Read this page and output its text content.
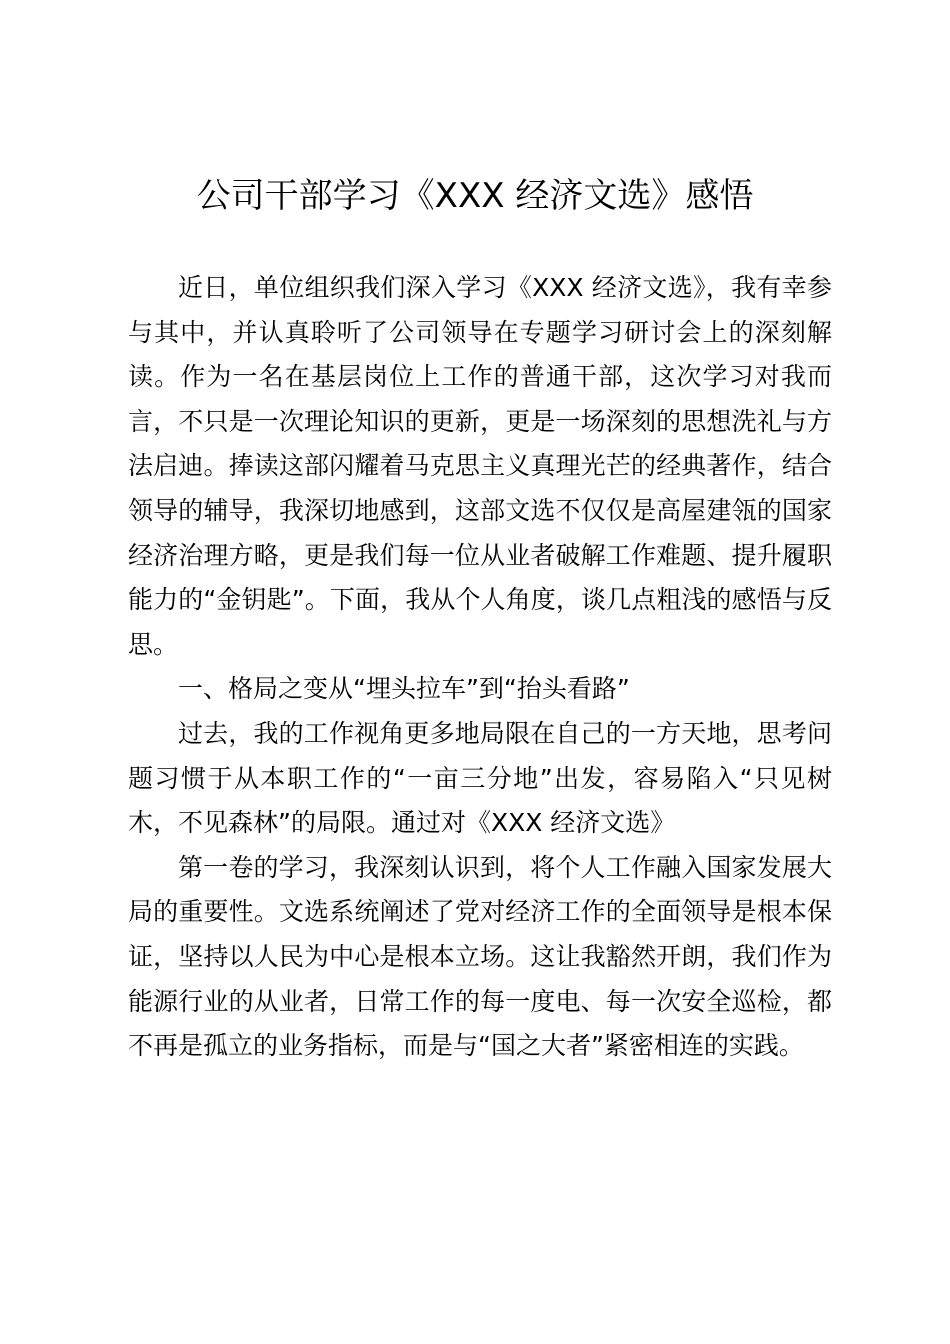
公司干部学习《XXX 经济文选》感悟

近日，单位组织我们深入学习《XXX 经济文选》，我有幸参与其中，并认真聆听了公司领导在专题学习研讨会上的深刻解读。作为一名在基层岗位上工作的普通干部，这次学习对我而言，不只是一次理论知识的更新，更是一场深刻的思想洗礼与方法启迪。捧读这部闪耀着马克思主义真理光芒的经典著作，结合领导的辅导，我深切地感到，这部文选不仅仅是高屋建瓴的国家经济治理方略，更是我们每一位从业者破解工作难题、提升履职能力的“金钥匙”。下面，我从个人角度，谈几点粗浅的感悟与反思。

一、格局之变从“埋头拉车”到“抬头看路”

过去，我的工作视角更多地局限在自己的一方天地，思考问题习惯于从本职工作的“一亩三分地”出发，容易陷入“只见树木，不见森林”的局限。通过对《XXX 经济文选》

第一卷的学习，我深刻认识到，将个人工作融入国家发展大局的重要性。文选系统阐述了党对经济工作的全面领导是根本保证，坚持以人民为中心是根本立场。这让我豁然开朗，我们作为能源行业的从业者，日常工作的每一度电、每一次安全巡检，都不再是孤立的业务指标，而是与“国之大者”紧密相连的实践。
